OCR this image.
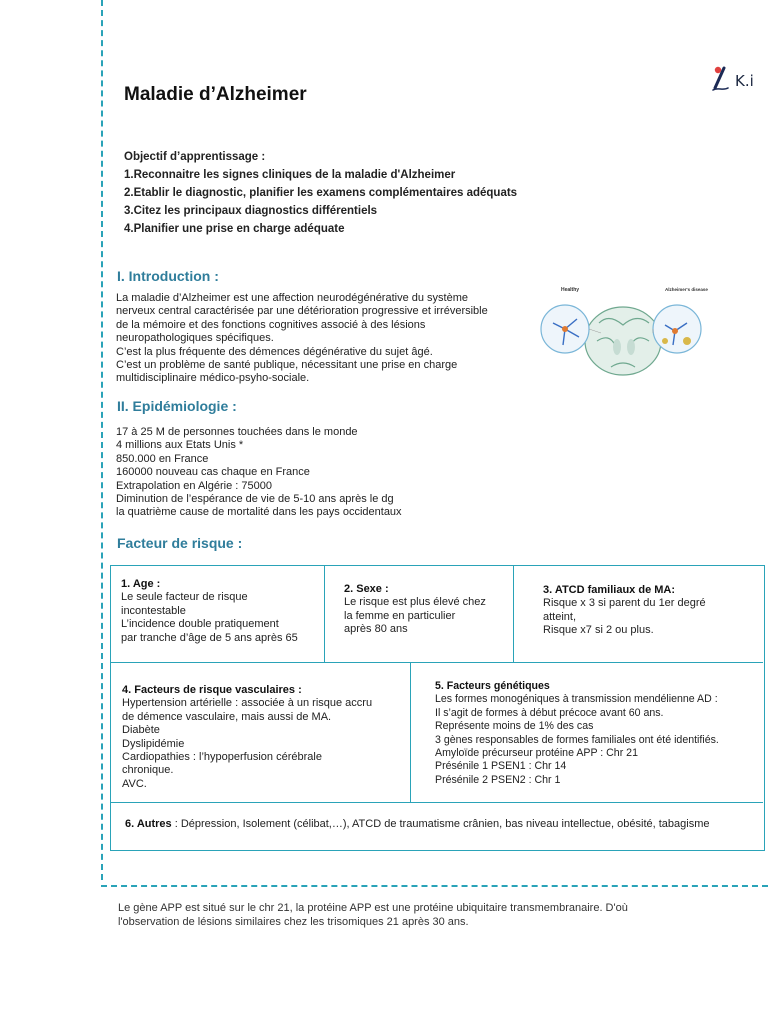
K.i
Maladie d’Alzheimer
Objectif d’apprentissage :
1.Reconnaitre les signes cliniques de la maladie d'Alzheimer
2.Etablir le diagnostic, planifier les examens complémentaires adéquats
3.Citez les principaux diagnostics différentiels
4.Planifier une prise en charge adéquate
I. Introduction :
La maladie d’Alzheimer est une affection neurodégénérative du système
nerveux central caractérisée par une détérioration progressive et irréversible
de la mémoire et des fonctions cognitives associé à des lésions
neuropathologiques spécifiques.
C’est la plus fréquente des démences dégénérative du sujet âgé.
C’est un problème de santé publique, nécessitant une prise en charge
multidisciplinaire médico-psyho-sociale.
Healthy	Alzheimer's disease
II. Epidémiologie :
17 à 25 M de personnes touchées dans le monde
4 millions aux Etats Unis *
850.000 en France
160000 nouveau cas chaque en France
Extrapolation en Algérie : 75000
Diminution de l’espérance de vie de 5-10 ans après le dg
la quatrième cause de mortalité dans les pays occidentaux
Facteur de risque :
1. Age :
Le seule facteur de risque
incontestable
L’incidence double pratiquement
par tranche d’âge de 5 ans après 65
2. Sexe :
Le risque est plus élevé chez
la femme en particulier
après 80 ans
3. ATCD familiaux de MA:
Risque x 3 si parent du 1er degré
atteint,
Risque x7 si 2 ou plus.
4. Facteurs de risque vasculaires :
Hypertension artérielle : associée à un risque accru
de démence vasculaire, mais aussi de MA.
Diabète
Dyslipidémie
Cardiopathies : l’hypoperfusion cérébrale
chronique.
AVC.
5. Facteurs génétiques
Les formes monogéniques à transmission mendélienne AD :
Il s’agit de formes à début précoce avant 60 ans.
Représente moins de 1% des cas
3 gènes responsables de formes familiales ont été identifiés.
Amyloïde précurseur protéine APP : Chr 21
Présénile 1 PSEN1 : Chr 14
Présénile 2 PSEN2 : Chr 1
6. Autres : Dépression, Isolement (célibat,…), ATCD de traumatisme crânien, bas niveau intellectue, obésité, tabagisme
Le gène APP est situé sur le chr 21, la protéine APP est une protéine ubiquitaire transmembranaire. D'où
l'observation de lésions similaires chez les trisomiques 21 après 30 ans.
